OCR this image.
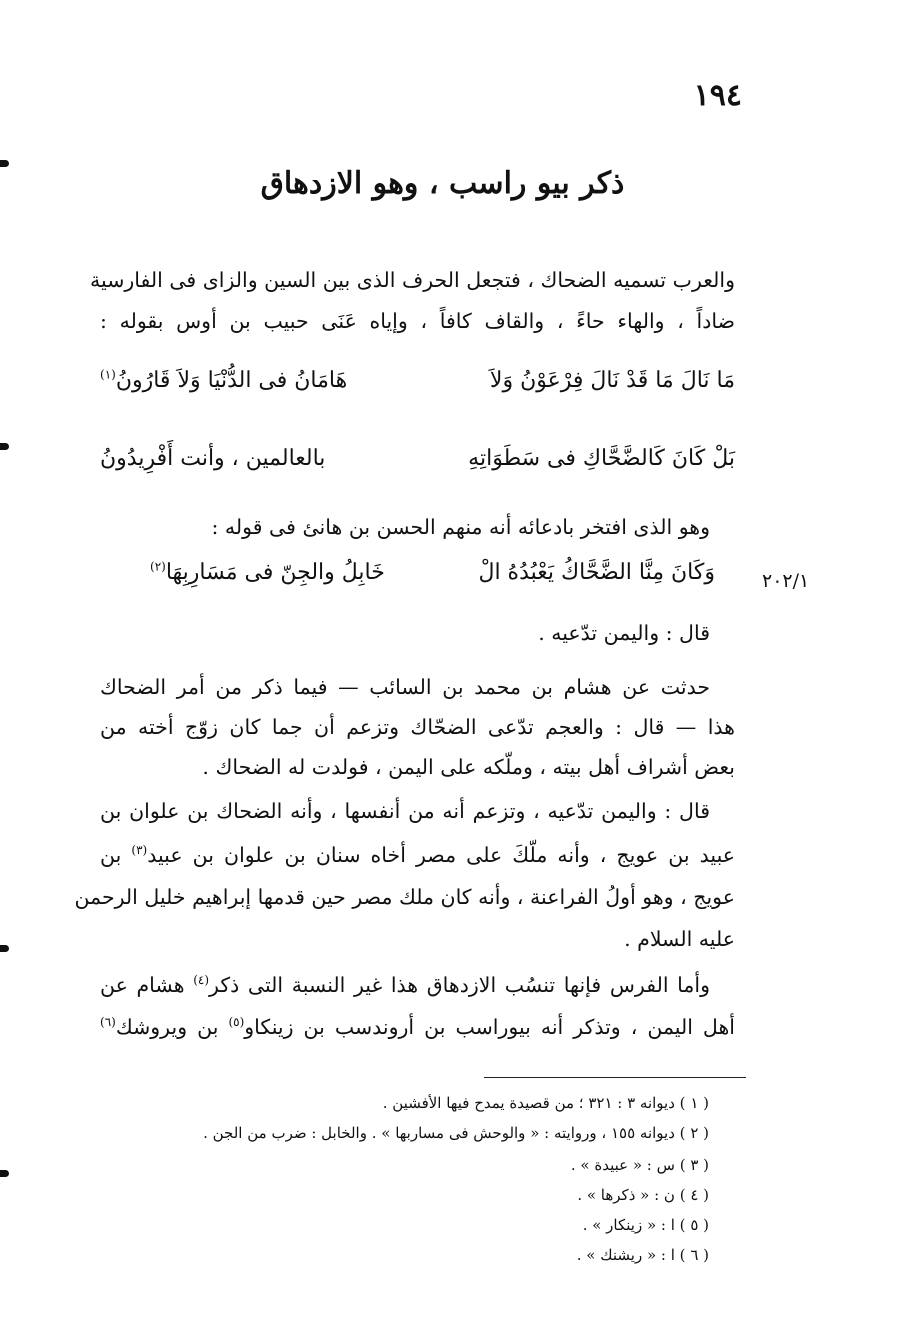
١٩٤
ذكر بيو راسب ، وهو الازدهاق
والعرب تسميه الضحاك ، فتجعل الحرف الذى بين السين والزاى فى الفارسية
ضاداً ، والهاء حاءً ، والقاف كافاً ، وإياه عَنَى حبيب بن أوس بقوله :
مَا نَالَ مَا قَدْ نَالَ فِرْعَوْنُ وَلاَ
هَامَانُ فى الدُّنْيَا وَلاَ قَارُونُ$^{(١)}$
بَلْ كَانَ كَالضَّحَّاكِ فى سَطَوَاتِهِ
بالعالمين ، وأنت أَفْرِيدُونُ
وهو الذى افتخر بادعائه أنه منهم الحسن بن هانئ فى قوله :
وَكَانَ مِنَّا الضَّحَّاكُ يَعْبُدُهُ الْ
خَابِلُ والجِنّ فى مَسَارِبِهَا$^{(٢)}$
٢٠٢/١
قال : واليمن تدّعيه .
حدثت عن هشام بن محمد بن السائب — فيما ذكر من أمر الضحاك
هذا — قال : والعجم تدّعى الضحّاك وتزعم أن جما كان زوّج أخته من
بعض أشراف أهل بيته ، وملّكه على اليمن ، فولدت له الضحاك .
قال : واليمن تدّعيه ، وتزعم أنه من أنفسها ، وأنه الضحاك بن علوان بن
عبيد بن عويج ، وأنه ملّكَ على مصر أخاه سنان بن علوان بن عبيد$^{(٣)}$ بن
عويج ، وهو أولُ الفراعنة ، وأنه كان ملك مصر حين قدمها إبراهيم خليل الرحمن
عليه السلام .
وأما الفرس فإنها تنسُب الازدهاق هذا غير النسبة التى ذكر$^{(٤)}$ هشام عن
أهل اليمن ، وتذكر أنه بيوراسب بن أروندسب بن زينكاو$^{(٥)}$ بن ويروشك$^{(٦)}$
( ١ ) ديوانه ٣ : ٣٢١ ؛ من قصيدة يمدح فيها الأفشين .
( ٢ ) ديوانه ١٥٥ ، وروايته : « والوحش فى مساربها » . والخابل : ضرب من الجن .
( ٣ ) س : « عبيدة » .
( ٤ ) ن : « ذكرها » .
( ٥ ) ا : « زينكار » .
( ٦ ) ا : « ريشنك » .
